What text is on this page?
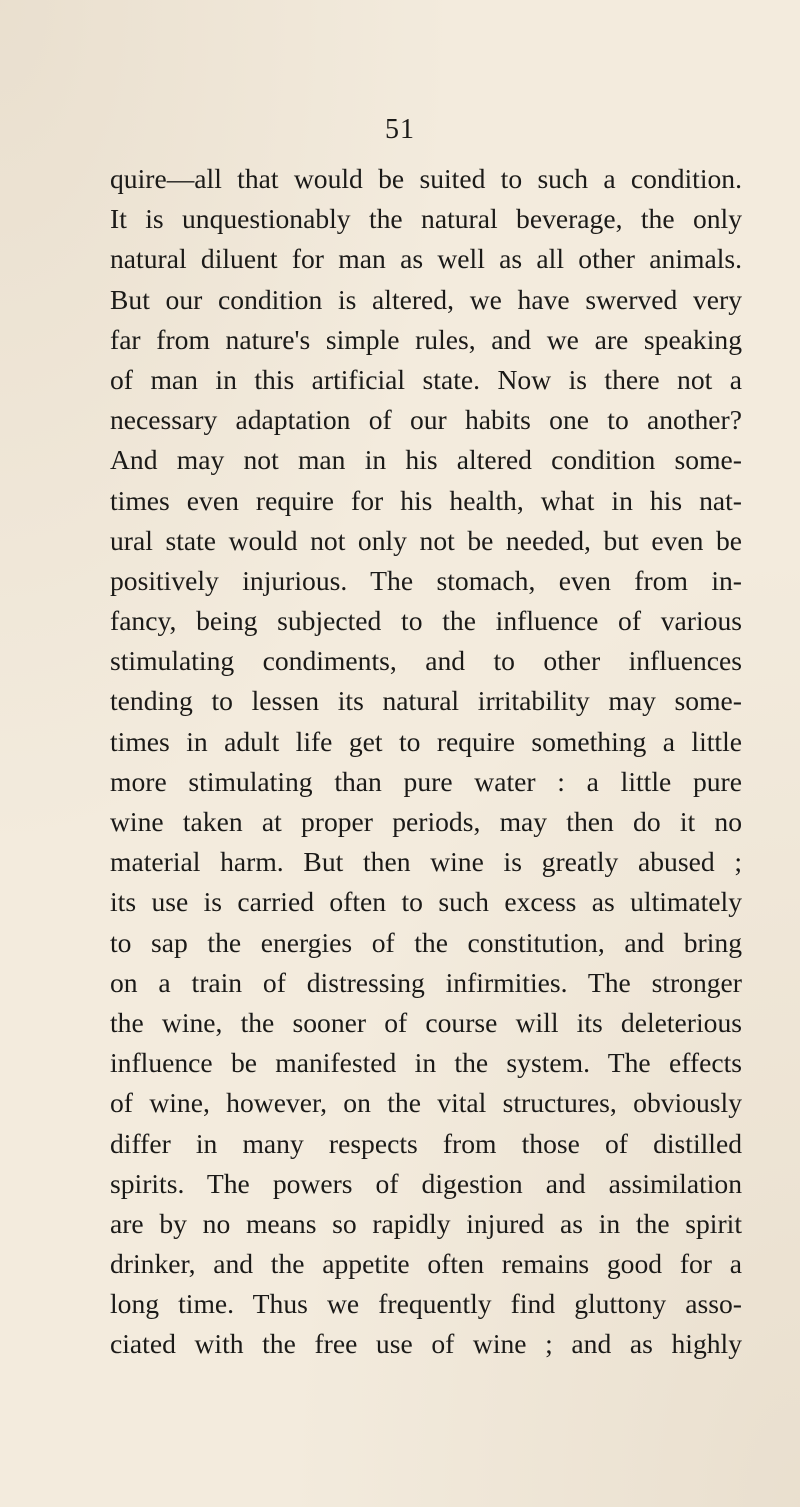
51
quire—all that would be suited to such a condition.
It is unquestionably the natural beverage, the only
natural diluent for man as well as all other animals.
But our condition is altered, we have swerved very
far from nature's simple rules, and we are speaking
of man in this artificial state. Now is there not a
necessary adaptation of our habits one to another?
And may not man in his altered condition some-
times even require for his health, what in his nat-
ural state would not only not be needed, but even be
positively injurious. The stomach, even from in-
fancy, being subjected to the influence of various
stimulating condiments, and to other influences
tending to lessen its natural irritability may some-
times in adult life get to require something a little
more stimulating than pure water : a little pure
wine taken at proper periods, may then do it no
material harm. But then wine is greatly abused ;
its use is carried often to such excess as ultimately
to sap the energies of the constitution, and bring
on a train of distressing infirmities. The stronger
the wine, the sooner of course will its deleterious
influence be manifested in the system. The effects
of wine, however, on the vital structures, obviously
differ in many respects from those of distilled
spirits. The powers of digestion and assimilation
are by no means so rapidly injured as in the spirit
drinker, and the appetite often remains good for a
long time. Thus we frequently find gluttony asso-
ciated with the free use of wine ; and as highly
